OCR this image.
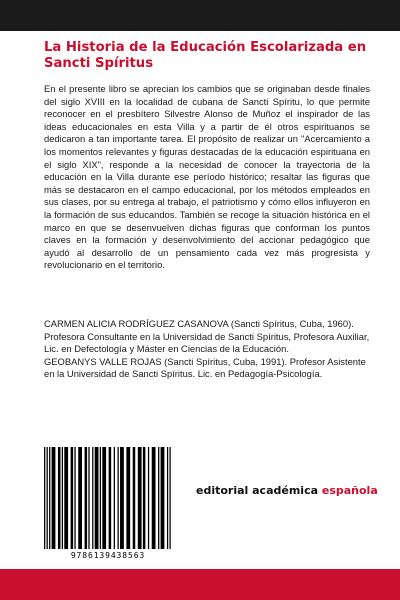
La Historia de la Educación Escolarizada en Sancti Spíritus

En el presente libro se aprecian los cambios que se originaban desde finales del siglo XVIII en la localidad de cubana de Sancti Spíritu, lo que permite reconocer en el presbítero Silvestre Alonso de Muñoz el inspirador de las ideas educacionales en esta Villa y a partir de él otros espirituanos se dedicaron a tan importante tarea. El propósito de realizar un "Acercamiento a los momentos relevantes y figuras destacadas de la educación espirituana en el siglo XIX", responde a la necesidad de conocer la trayectoria de la educación en la Villa durante ese período histórico; resaltar las figuras que más se destacaron en el campo educacional, por los métodos empleados en sus clases, por su entrega al trabajo, el patriotismo y cómo ellos influyeron en la formación de sus educandos. También se recoge la situación histórica en el marco en que se desenvuelven dichas figuras que conforman los puntos claves en la formación y desenvolvimiento del accionar pedagógico que ayudó al desarrollo de un pensamiento cada vez más progresista y revolucionario en el territorio.

CARMEN ALICIA RODRÍGUEZ CASANOVA (Sancti Spíritus, Cuba, 1960). Profesora Consultante en la Universidad de Sancti Spíritus, Profesora Auxiliar, Lic. en Defectología y Máster en Ciencias de la Educación.

GEOBANYS VALLE ROJAS (Sancti Spíritus, Cuba, 1991). Profesor Asistente en la Universidad de Sancti Spíritus. Lic. en Pedagogía-Psicología.

9786139438563
editorial académica española
